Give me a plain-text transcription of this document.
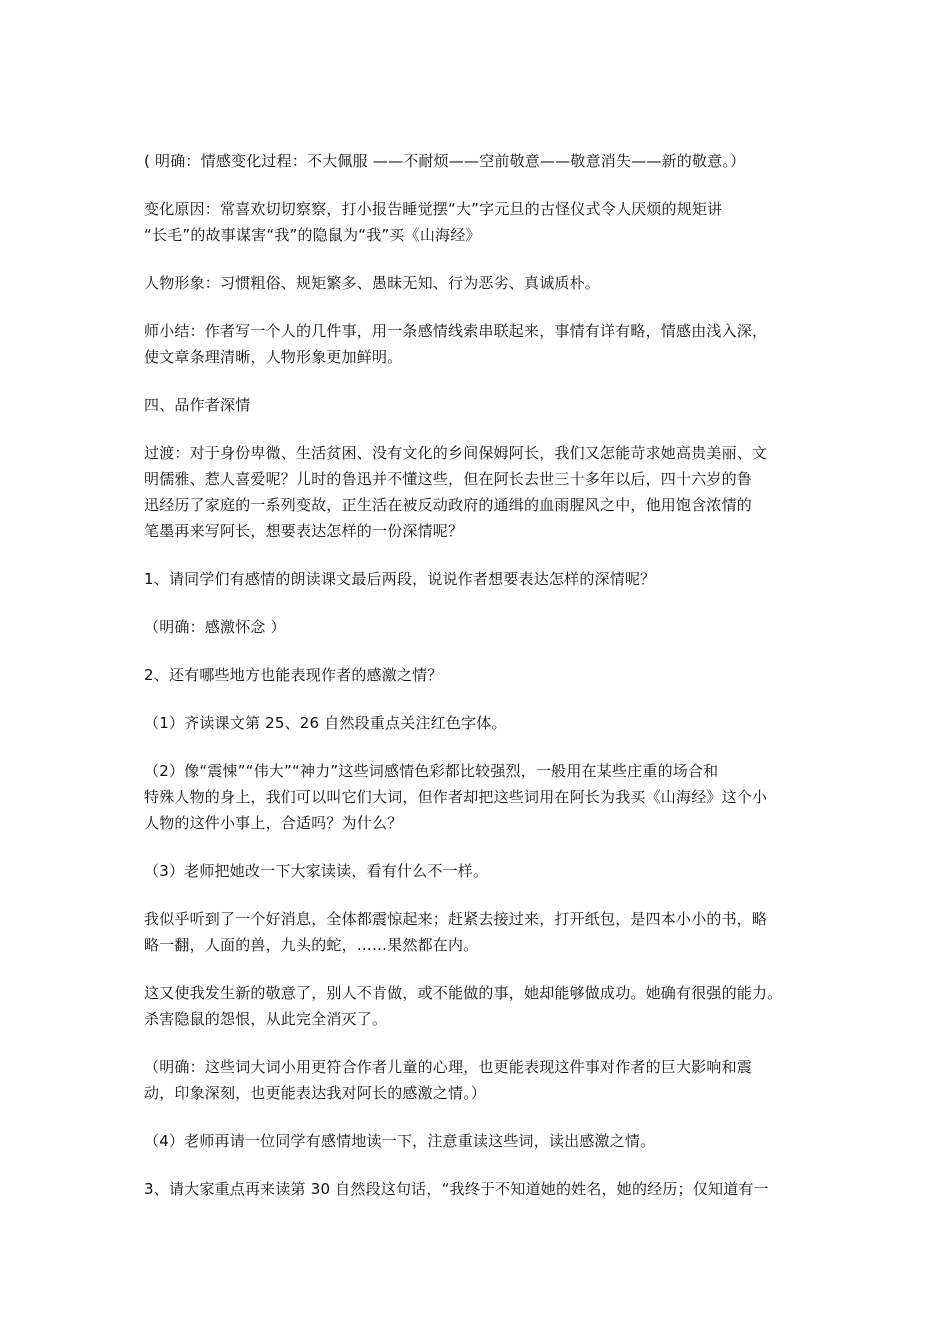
( 明确：情感变化过程：不大佩服 ——不耐烦——空前敬意——敬意消失——新的敬意。）

变化原因：常喜欢切切察察，打小报告睡觉摆“大”字元旦的古怪仪式令人厌烦的规矩讲
“长毛”的故事谋害“我”的隐鼠为“我”买《山海经》

人物形象：习惯粗俗、规矩繁多、愚昧无知、行为恶劣、真诚质朴。

师小结：作者写一个人的几件事，用一条感情线索串联起来，事情有详有略，情感由浅入深，
使文章条理清晰，人物形象更加鲜明。

四、品作者深情

过渡：对于身份卑微、生活贫困、没有文化的乡间保姆阿长，我们又怎能苛求她高贵美丽、文
明儒雅、惹人喜爱呢？儿时的鲁迅并不懂这些，但在阿长去世三十多年以后，四十六岁的鲁
迅经历了家庭的一系列变故，正生活在被反动政府的通缉的血雨腥风之中，他用饱含浓情的
笔墨再来写阿长，想要表达怎样的一份深情呢？

1、请同学们有感情的朗读课文最后两段，说说作者想要表达怎样的深情呢？

（明确：感激怀念 ）

2、还有哪些地方也能表现作者的感激之情？

（1）齐读课文第 25、26 自然段重点关注红色字体。

（2）像“震悚”“伟大”“神力”这些词感情色彩都比较强烈，一般用在某些庄重的场合和
特殊人物的身上，我们可以叫它们大词，但作者却把这些词用在阿长为我买《山海经》这个小
人物的这件小事上，合适吗？为什么？

（3）老师把她改一下大家读读，看有什么不一样。

我似乎听到了一个好消息，全体都震惊起来；赶紧去接过来，打开纸包，是四本小小的书，略
略一翻，人面的兽，九头的蛇，……果然都在内。

这又使我发生新的敬意了，别人不肯做，或不能做的事，她却能够做成功。她确有很强的能力。
杀害隐鼠的怨恨，从此完全消灭了。

（明确：这些词大词小用更符合作者儿童的心理，也更能表现这件事对作者的巨大影响和震
动，印象深刻，也更能表达我对阿长的感激之情。）

（4）老师再请一位同学有感情地读一下，注意重读这些词，读出感激之情。

3、请大家重点再来读第 30 自然段这句话，“我终于不知道她的姓名，她的经历；仅知道有一
